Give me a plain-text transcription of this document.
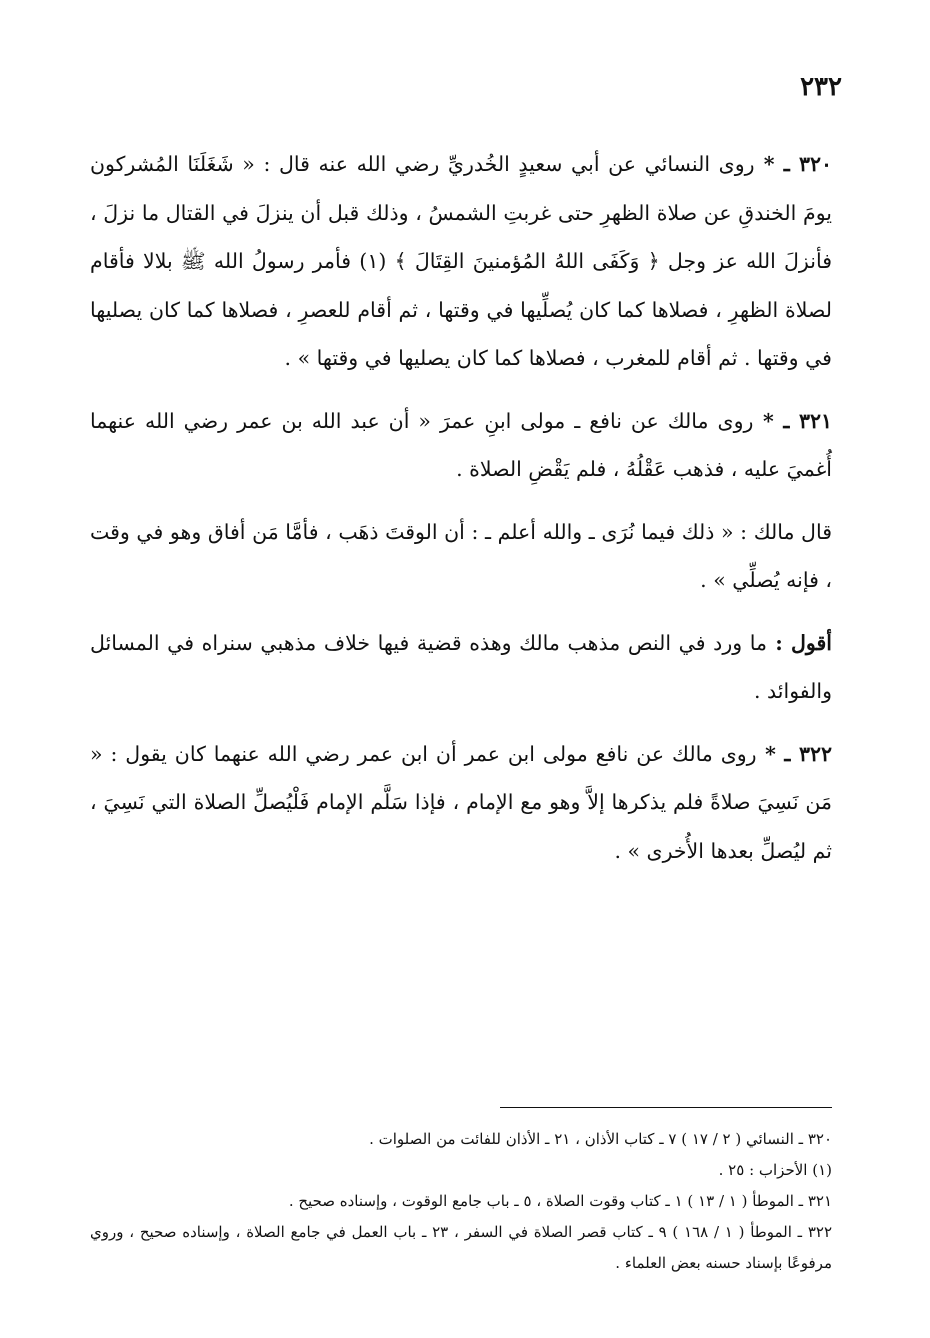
٢٣٢

٣٢٠ ـ * روى النسائي عن أبي سعيدٍ الخُدريِّ رضي الله عنه قال : « شَغَلَنَا المُشركون يومَ الخندقِ عن صلاة الظهرِ حتى غربتِ الشمسُ ، وذلك قبل أن ينزلَ في القتال ما نزلَ ، فأنزلَ الله عز وجل ﴿ وَكَفَى اللهُ المُؤمنينَ القِتَالَ ﴾ (١) فأمر رسولُ الله ﷺ بلالا فأقام لصلاة الظهرِ ، فصلاها كما كان يُصلِّيها في وقتها ، ثم أقام للعصرِ ، فصلاها كما كان يصليها في وقتها . ثم أقام للمغرب ، فصلاها كما كان يصليها في وقتها » .

٣٢١ ـ * روى مالك عن نافع ـ مولى ابنِ عمرَ « أن عبد الله بن عمر رضي الله عنهما أُغميَ عليه ، فذهب عَقْلُهُ ، فلم يَقْضِ الصلاة .

قال مالك : « ذلك فيما نُرَى ـ والله أعلم ـ : أن الوقتَ ذهَب ، فأمَّا مَن أفاق وهو في وقت ، فإنه يُصلِّي » .

أقول : ما ورد في النص مذهب مالك وهذه قضية فيها خلاف مذهبي سنراه في المسائل والفوائد .

٣٢٢ ـ * روى مالك عن نافع مولى ابن عمر أن ابن عمر رضي الله عنهما كان يقول : « مَن نَسِيَ صلاةً فلم يذكرها إلاَّ وهو مع الإمام ، فإذا سَلَّم الإمام فَلْيُصلِّ الصلاة التي نَسِيَ ، ثم ليُصلِّ بعدها الأُخرى » .

٣٢٠ ـ النسائي ( ٢ / ١٧ ) ٧ ـ كتاب الأذان ، ٢١ ـ الأذان للفائت من الصلوات .

(١) الأحزاب : ٢٥ .

٣٢١ ـ الموطأ ( ١ / ١٣ ) ١ ـ كتاب وقوت الصلاة ، ٥ ـ باب جامع الوقوت ، وإسناده صحيح .

٣٢٢ ـ الموطأ ( ١ / ١٦٨ ) ٩ ـ كتاب قصر الصلاة في السفر ، ٢٣ ـ باب العمل في جامع الصلاة ، وإسناده صحيح ، وروي مرفوعًا بإسناد حسنه بعض العلماء .
